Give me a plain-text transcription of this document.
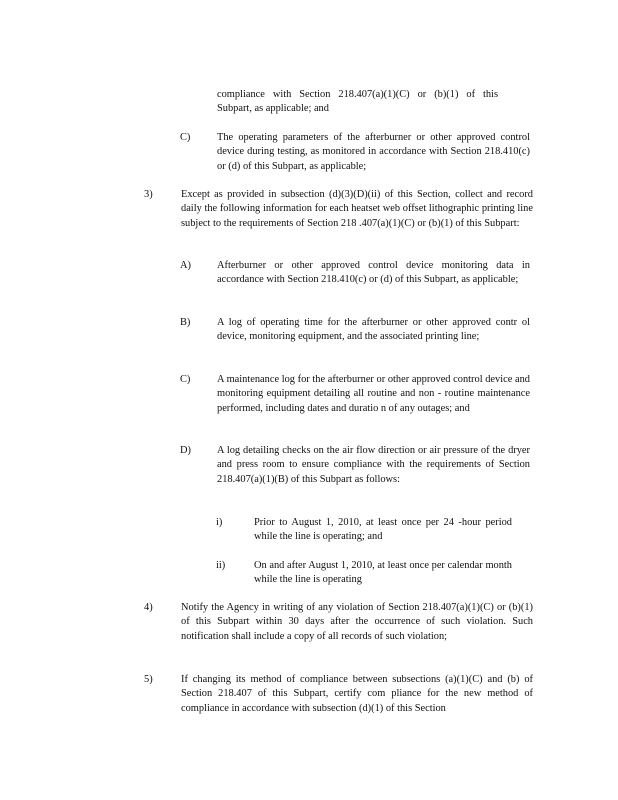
compliance with Section 218.407(a)(1)(C) or (b)(1) of this Subpart, as applicable; and
C)	The operating parameters of the afterburner or other approved control device during testing, as monitored in accordance with Section 218.410(c) or (d) of this Subpart, as applicable;
3)	Except as provided in subsection (d)(3)(D)(ii) of this Section, collect and record daily the following information for each heatset web offset lithographic printing line subject to the requirements of Section 218 .407(a)(1)(C) or (b)(1) of this Subpart:
A)	Afterburner or other approved control device monitoring data in accordance with Section 218.410(c) or (d) of this Subpart, as applicable;
B)	A log of operating time for the afterburner or other approved contr ol device, monitoring equipment, and the associated printing line;
C)	A maintenance log for the afterburner or other approved control device and monitoring equipment detailing all routine and non - routine maintenance performed, including dates and duratio n of any outages; and
D)	A log detailing checks on the air flow direction or air pressure of the dryer and press room to ensure compliance with the requirements of Section 218.407(a)(1)(B) of this Subpart as follows:
i)	Prior to August 1, 2010, at least once per 24 -hour period while the line is operating; and
ii)	On and after August 1, 2010, at least once per calendar month while the line is operating
4)	Notify the Agency in writing of any violation of Section 218.407(a)(1)(C) or (b)(1) of this Subpart within 30 days after the occurrence of such violation. Such notification shall include a copy of all records of such violation;
5)	If changing its method of compliance between subsections (a)(1)(C) and (b) of Section 218.407 of this Subpart, certify com pliance for the new method of compliance in accordance with subsection (d)(1) of this Section
